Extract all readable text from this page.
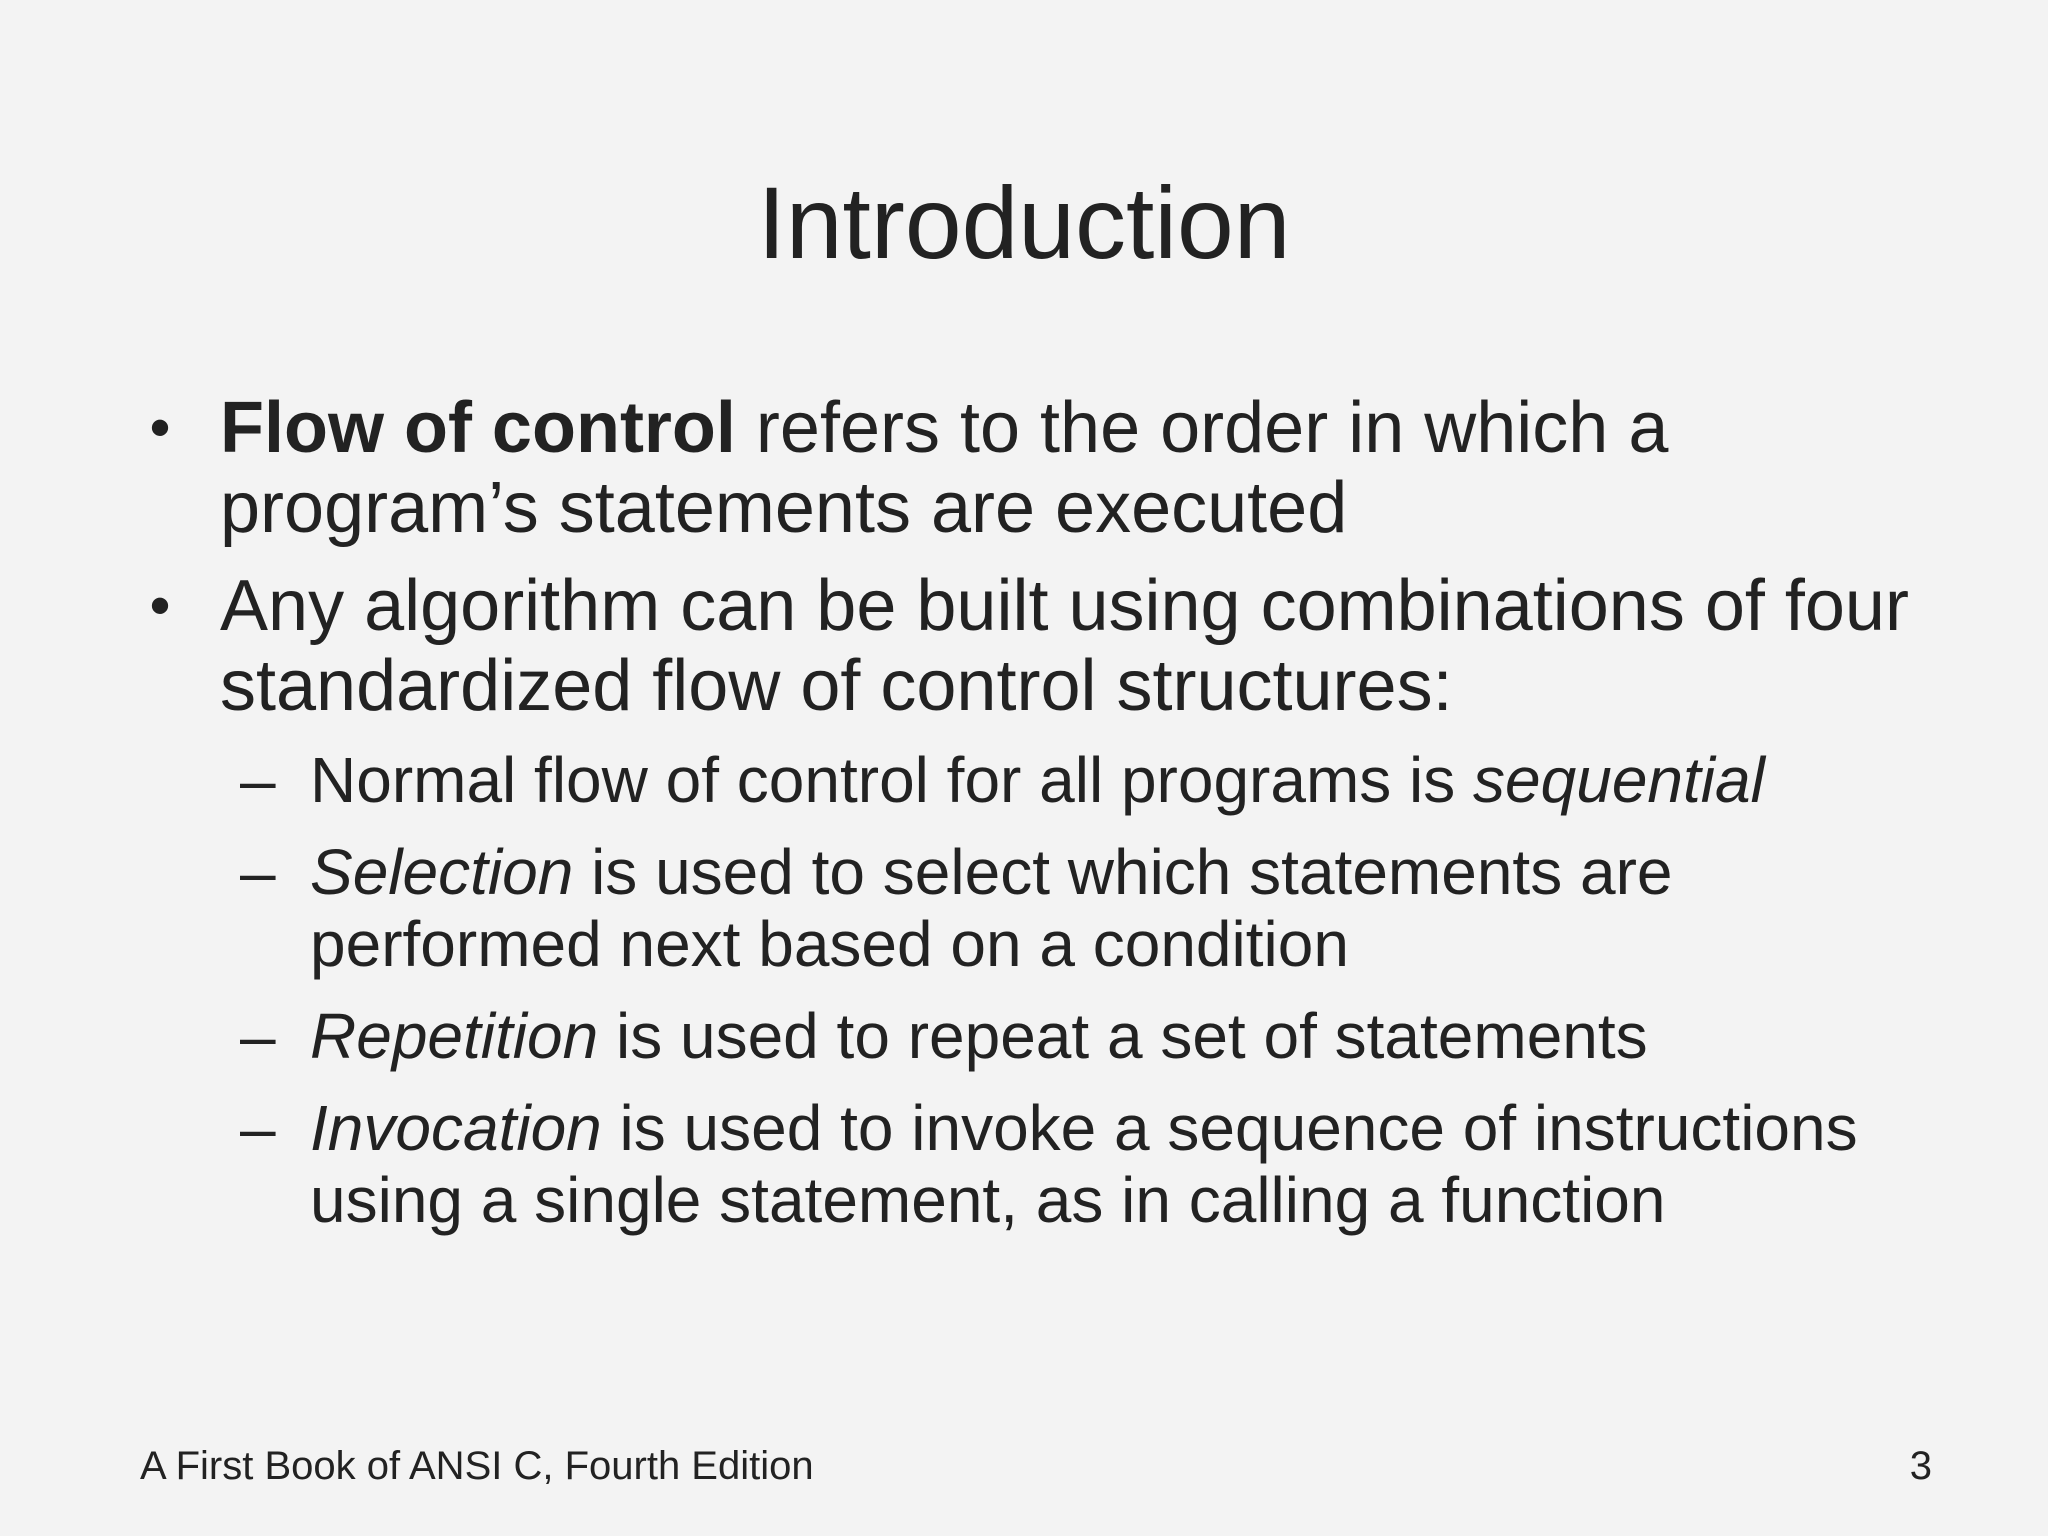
Introduction
• Flow of control refers to the order in which a program’s statements are executed
• Any algorithm can be built using combinations of four standardized flow of control structures:
– Normal flow of control for all programs is sequential
– Selection is used to select which statements are performed next based on a condition
– Repetition is used to repeat a set of statements
– Invocation is used to invoke a sequence of instructions using a single statement, as in calling a function
A First Book of ANSI C, Fourth Edition	3
